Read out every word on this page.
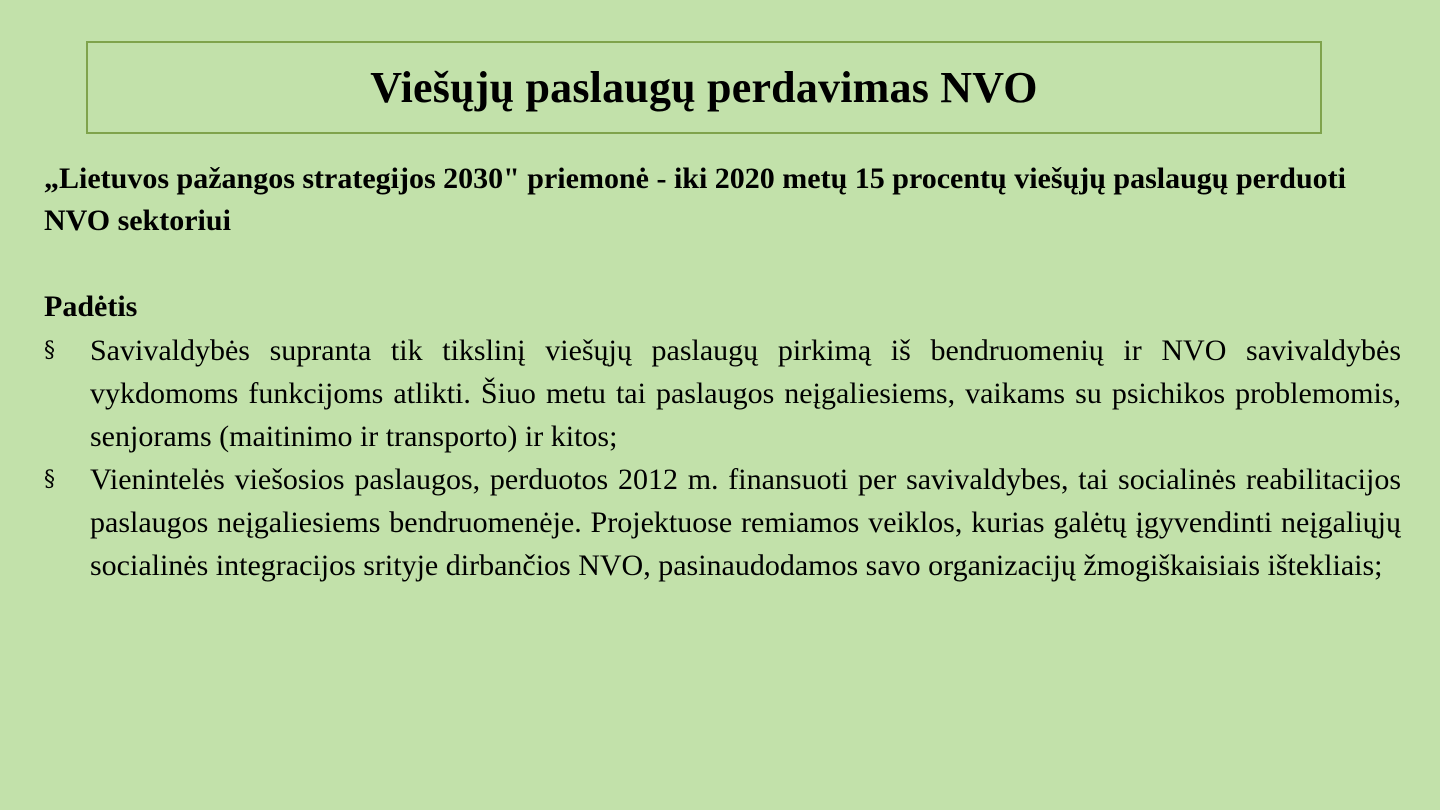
Viešųjų paslaugų perdavimas NVO

„Lietuvos pažangos strategijos 2030" priemonė - iki 2020 metų 15 procentų viešųjų paslaugų perduoti NVO sektoriui

Padėtis

§	Savivaldybės supranta tik tikslinį viešųjų paslaugų pirkimą iš bendruomenių ir NVO savivaldybės vykdomoms funkcijoms atlikti. Šiuo metu tai paslaugos neįgaliesiems, vaikams su psichikos problemomis, senjorams (maitinimo ir transporto) ir kitos;
§	Vienintelės viešosios paslaugos, perduotos 2012 m. finansuoti per savivaldybes, tai socialinės reabilitacijos paslaugos neįgaliesiems bendruomenėje. Projektuose remiamos veiklos, kurias galėtų įgyvendinti neįgaliųjų socialinės integracijos srityje dirbančios NVO, pasinaudodamos savo organizacijų žmogiškaisiais ištekliais;
